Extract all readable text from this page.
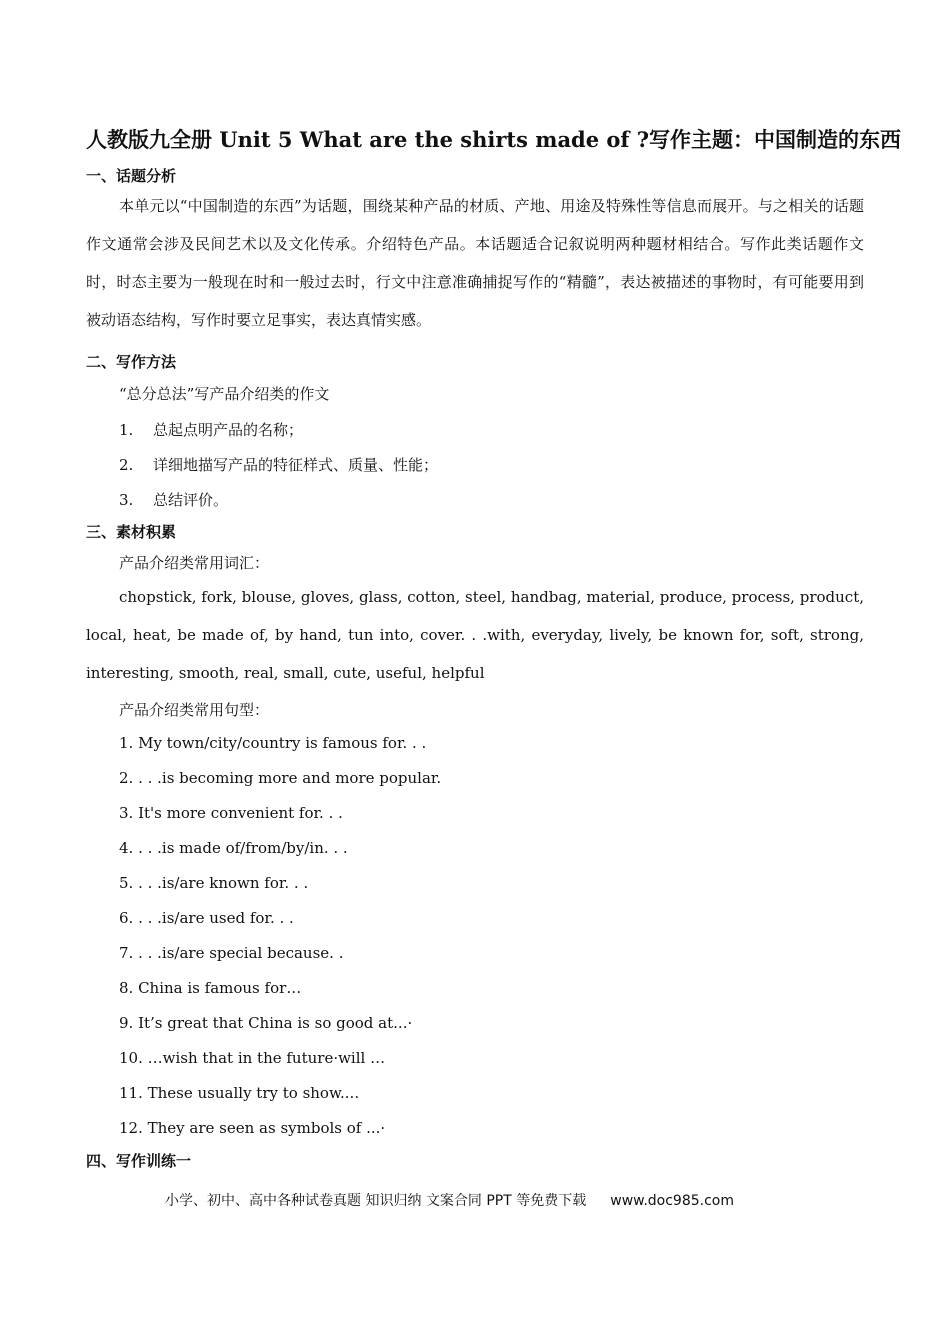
人教版九全册 Unit 5 What are the shirts made of ?写作主题：中国制造的东西
一、话题分析

本单元以“中国制造的东西”为话题，围绕某种产品的材质、产地、用途及特殊性等信息而展开。与之相关的话题作文通常会涉及民间艺术以及文化传承。介绍特色产品。本话题适合记叙说明两种题材相结合。写作此类话题作文时，时态主要为一般现在时和一般过去时，行文中注意准确捕捉写作的“精髓”，表达被描述的事物时，有可能要用到被动语态结构，写作时要立足事实，表达真情实感。

二、写作方法
“总分总法”写产品介绍类的作文
1. 总起点明产品的名称；
2. 详细地描写产品的特征样式、质量、性能；
3. 总结评价。
三、素材积累
产品介绍类常用词汇：

chopstick, fork, blouse, gloves, glass, cotton, steel, handbag, material, produce, process, product, local, heat, be made of, by hand, tun into, cover. . .with, everyday, lively, be known for, soft, strong, interesting, smooth, real, small, cute, useful, helpful

产品介绍类常用句型：
1. My town/city/country is famous for. . .
2. . . .is becoming more and more popular.
3. It's more convenient for. . .
4. . . .is made of/from/by/in. . .
5. . . .is/are known for. . .
6. . . .is/are used for. . .
7. . . .is/are special because. .
8. China is famous for…
9. It’s great that China is so good at...·
10. …wish that in the future·will …
11. These usually try to show....
12. They are seen as symbols of ...·
四、写作训练一
小学、初中、高中各种试卷真题 知识归纳 文案合同 PPT 等免费下载 www.doc985.com
